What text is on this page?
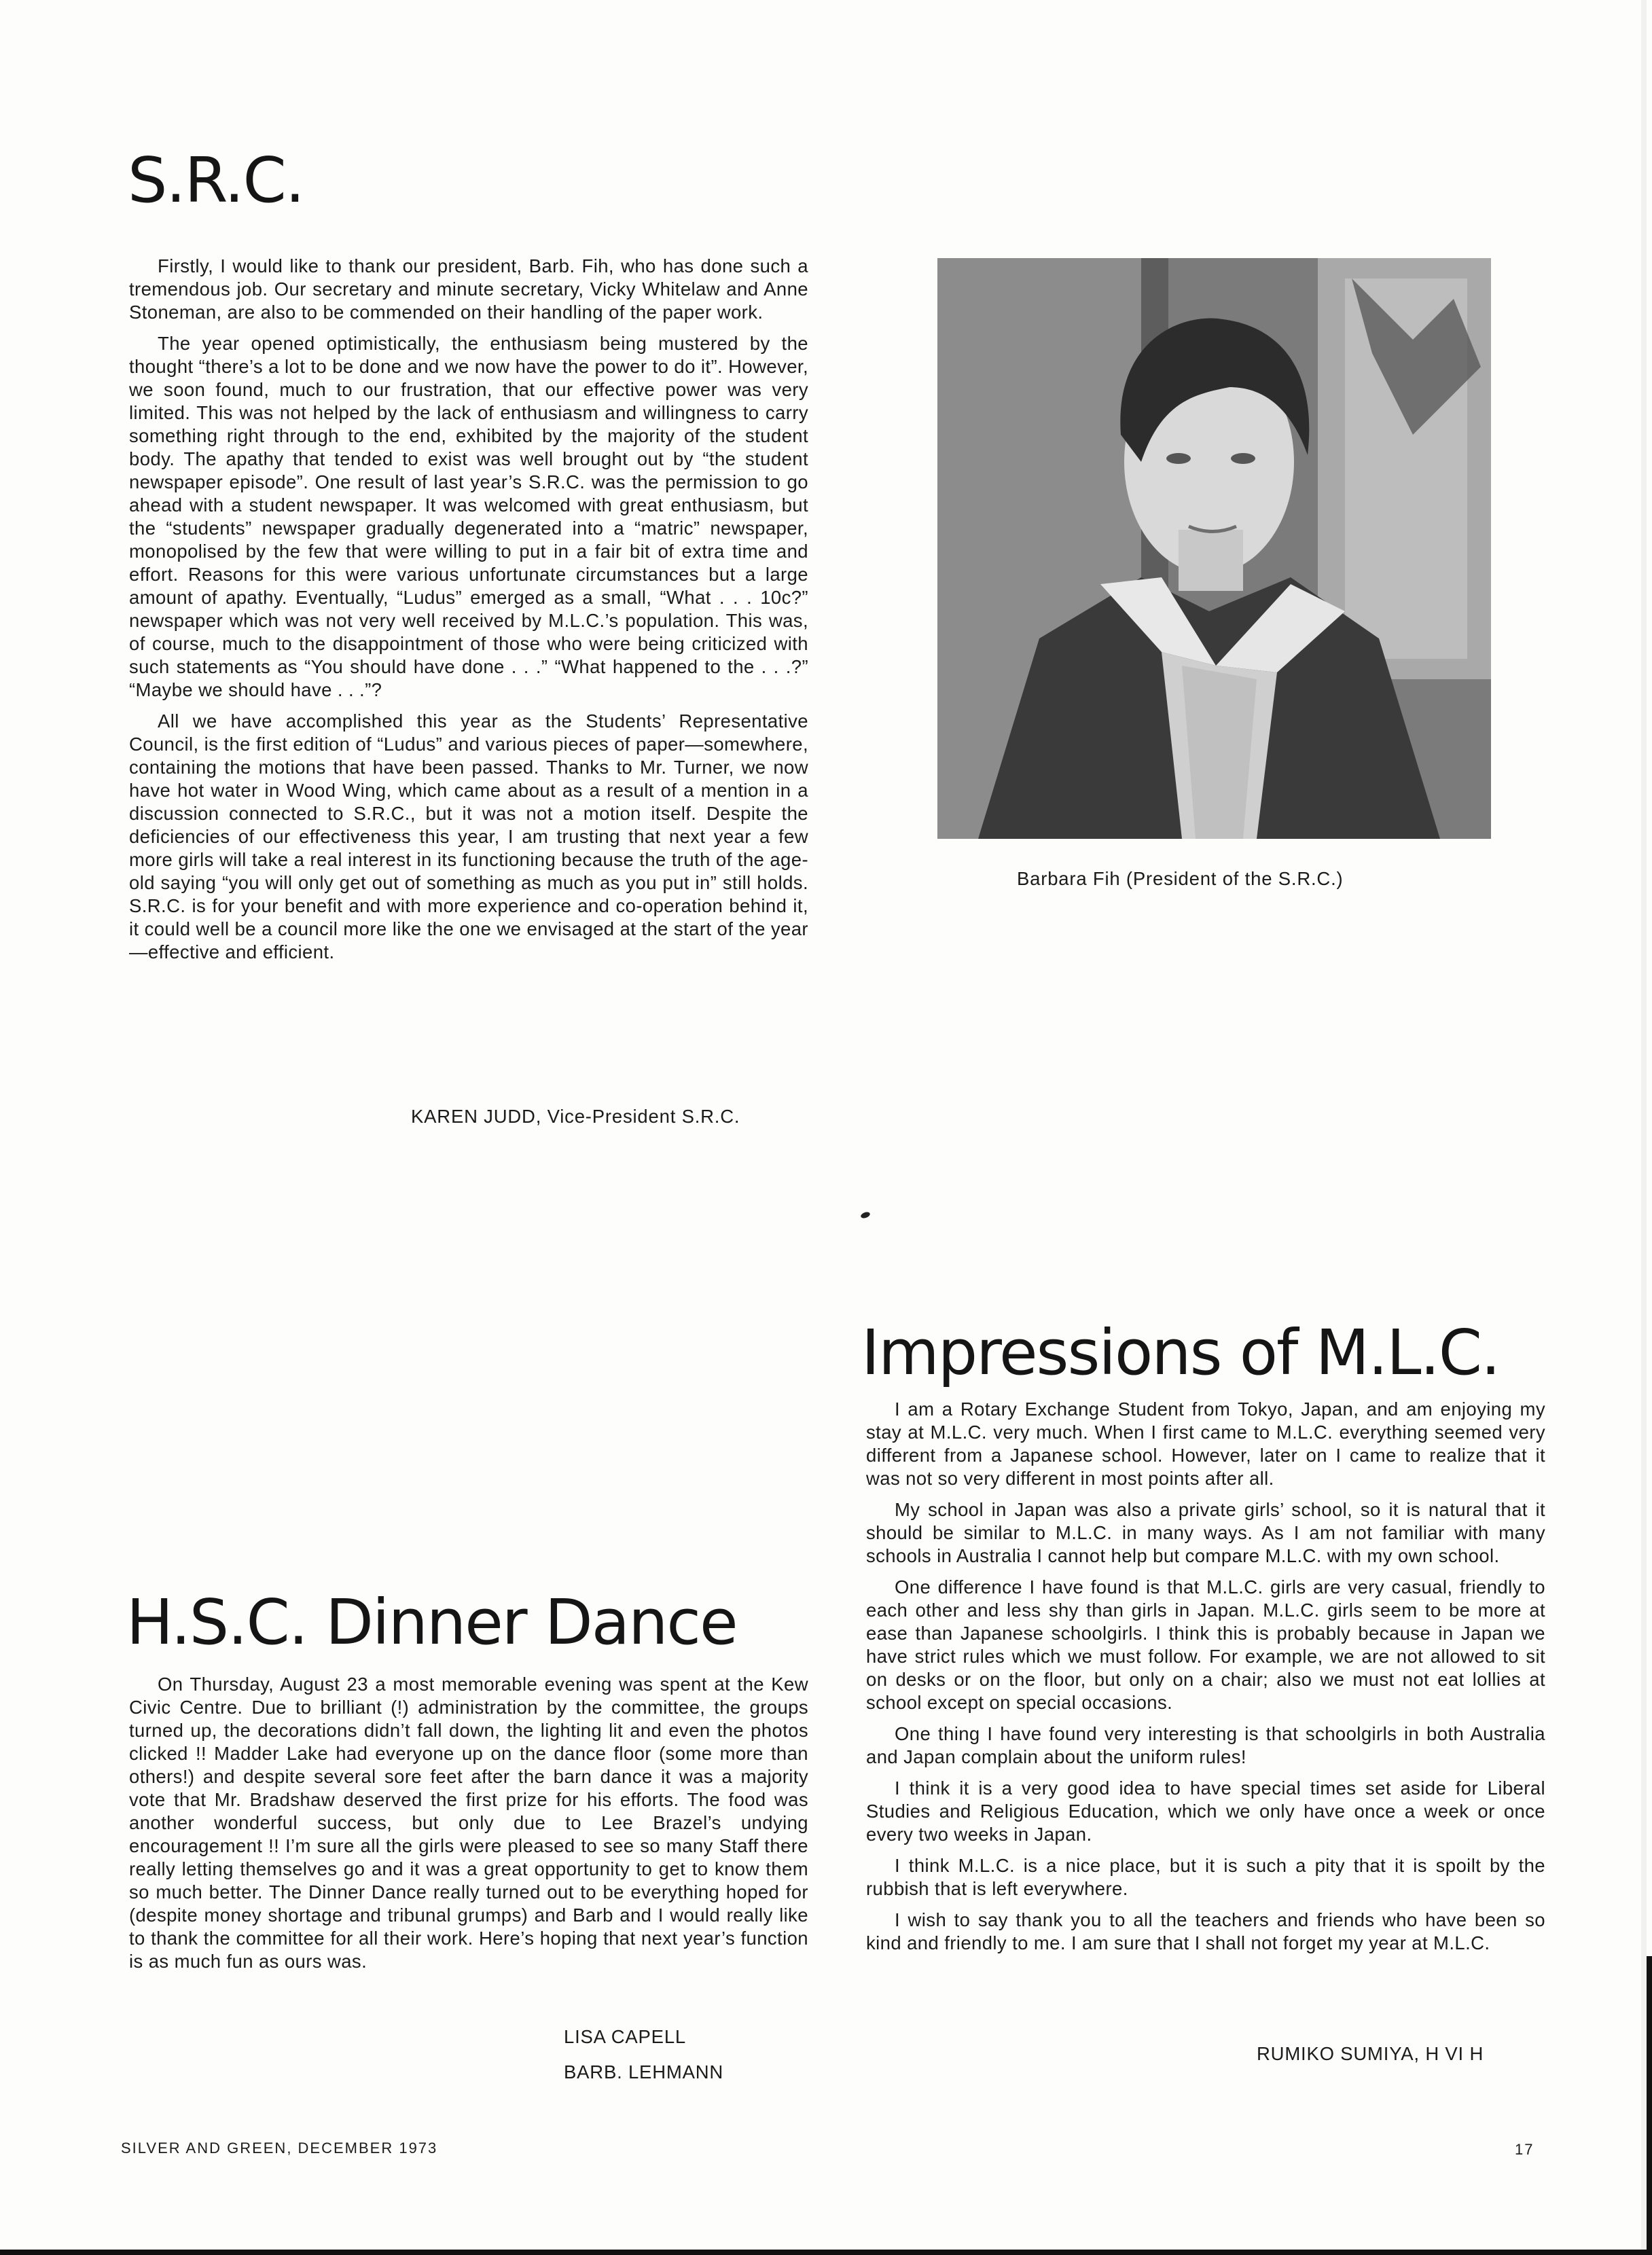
S.R.C.

Firstly, I would like to thank our president, Barb. Fih, who has done such a tremendous job. Our secretary and minute secretary, Vicky Whitelaw and Anne Stoneman, are also to be commended on their handling of the paper work.

The year opened optimistically, the enthusiasm being mustered by the thought “there’s a lot to be done and we now have the power to do it”. However, we soon found, much to our frustration, that our effective power was very limited. This was not helped by the lack of enthusiasm and willingness to carry something right through to the end, exhibited by the majority of the student body. The apathy that tended to exist was well brought out by “the student newspaper episode”. One result of last year’s S.R.C. was the permission to go ahead with a student newspaper. It was welcomed with great enthusiasm, but the “students” newspaper gradually degenerated into a “matric” newspaper, monopolised by the few that were willing to put in a fair bit of extra time and effort. Reasons for this were various unfortunate circumstances but a large amount of apathy. Eventually, “Ludus” emerged as a small, “What . . . 10c?” newspaper which was not very well received by M.L.C.’s population. This was, of course, much to the disappointment of those who were being criticized with such statements as “You should have done . . .” “What happened to the . . .?” “Maybe we should have . . .”?

All we have accomplished this year as the Students’ Representative Council, is the first edition of “Ludus” and various pieces of paper—somewhere, containing the motions that have been passed. Thanks to Mr. Turner, we now have hot water in Wood Wing, which came about as a result of a mention in a discussion connected to S.R.C., but it was not a motion itself. Despite the deficiencies of our effectiveness this year, I am trusting that next year a few more girls will take a real interest in its functioning because the truth of the age-old saying “you will only get out of something as much as you put in” still holds. S.R.C. is for your benefit and with more experience and co-operation behind it, it could well be a council more like the one we envisaged at the start of the year—effective and efficient.

KAREN JUDD, Vice-President S.R.C.
Barbara Fih (President of the S.R.C.)
H.S.C. Dinner Dance

On Thursday, August 23 a most memorable evening was spent at the Kew Civic Centre. Due to brilliant (!) administration by the committee, the groups turned up, the decorations didn’t fall down, the lighting lit and even the photos clicked !! Madder Lake had everyone up on the dance floor (some more than others!) and despite several sore feet after the barn dance it was a majority vote that Mr. Bradshaw deserved the first prize for his efforts. The food was another wonderful success, but only due to Lee Brazel’s undying encouragement !! I’m sure all the girls were pleased to see so many Staff there really letting themselves go and it was a great opportunity to get to know them so much better. The Dinner Dance really turned out to be everything hoped for (despite money shortage and tribunal grumps) and Barb and I would really like to thank the committee for all their work. Here’s hoping that next year’s function is as much fun as ours was.

LISA CAPELL
BARB. LEHMANN
Impressions of M.L.C.

I am a Rotary Exchange Student from Tokyo, Japan, and am enjoying my stay at M.L.C. very much. When I first came to M.L.C. everything seemed very different from a Japanese school. However, later on I came to realize that it was not so very different in most points after all.

My school in Japan was also a private girls’ school, so it is natural that it should be similar to M.L.C. in many ways. As I am not familiar with many schools in Australia I cannot help but compare M.L.C. with my own school.

One difference I have found is that M.L.C. girls are very casual, friendly to each other and less shy than girls in Japan. M.L.C. girls seem to be more at ease than Japanese schoolgirls. I think this is probably because in Japan we have strict rules which we must follow. For example, we are not allowed to sit on desks or on the floor, but only on a chair; also we must not eat lollies at school except on special occasions.

One thing I have found very interesting is that schoolgirls in both Australia and Japan complain about the uniform rules!

I think it is a very good idea to have special times set aside for Liberal Studies and Religious Education, which we only have once a week or once every two weeks in Japan.

I think M.L.C. is a nice place, but it is such a pity that it is spoilt by the rubbish that is left everywhere.

I wish to say thank you to all the teachers and friends who have been so kind and friendly to me. I am sure that I shall not forget my year at M.L.C.

RUMIKO SUMIYA, H VI H
SILVER AND GREEN, DECEMBER 1973	17
